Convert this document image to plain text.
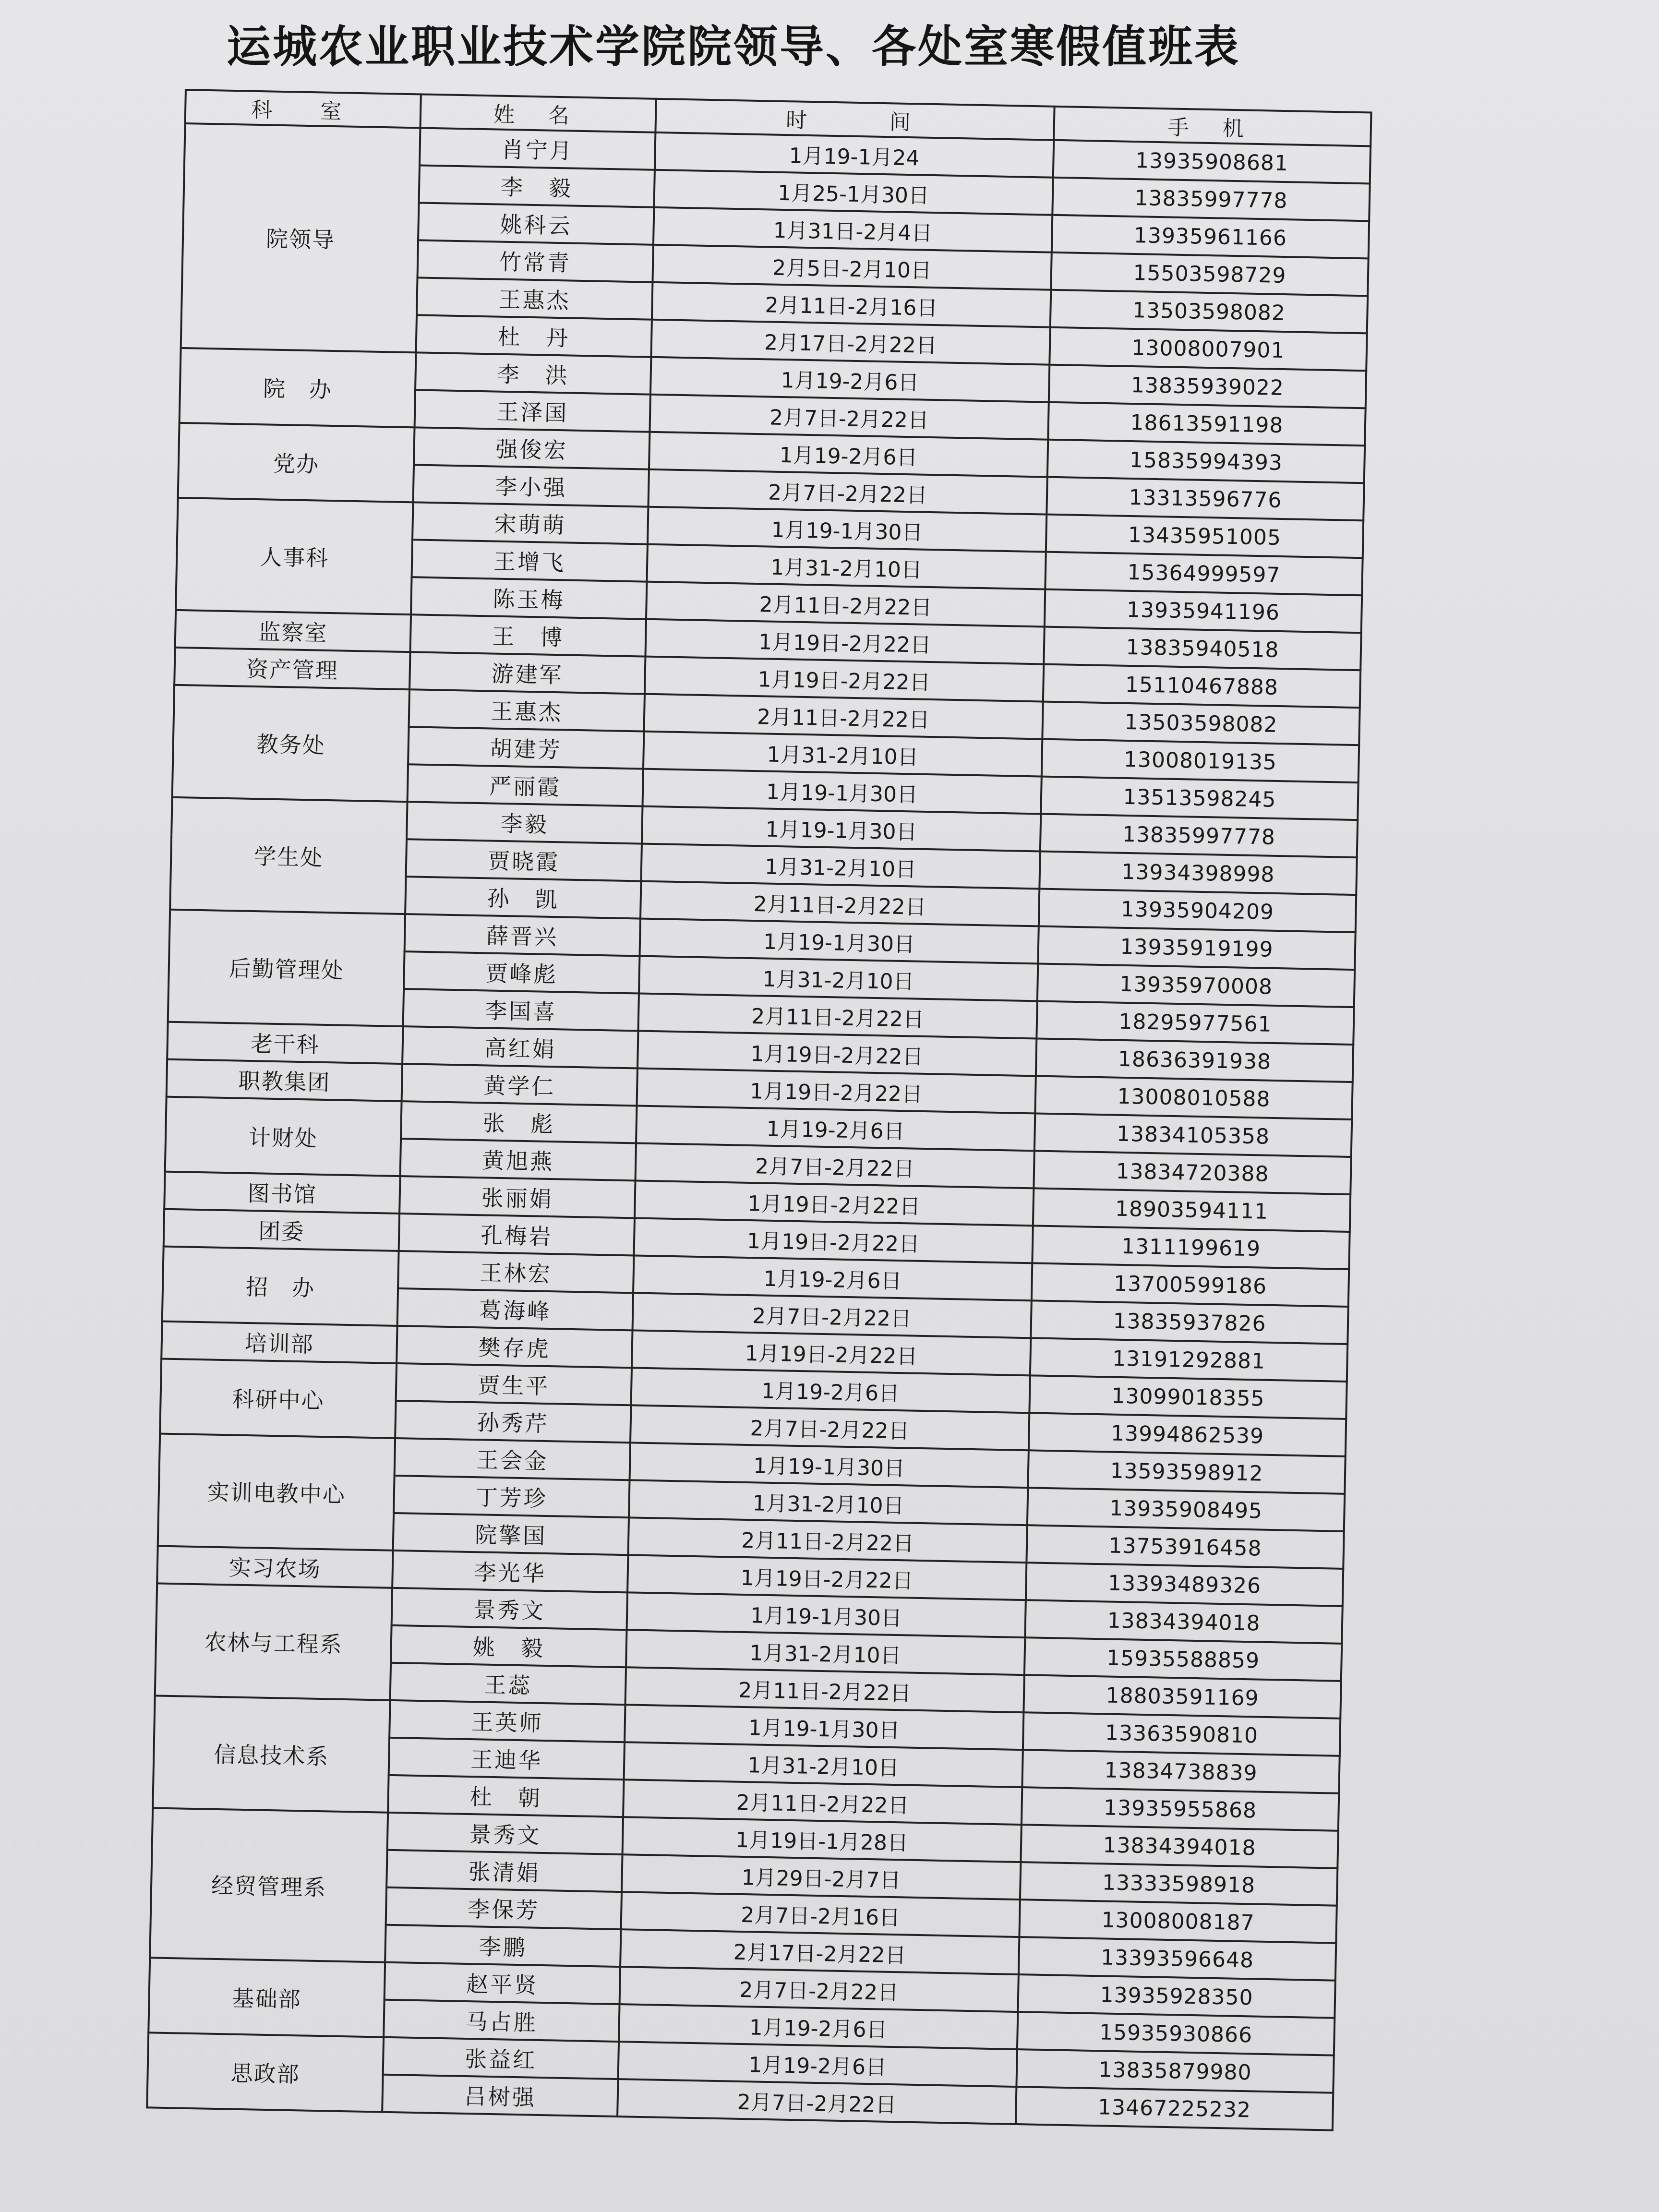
运城农业职业技术学院院领导、各处室寒假值班表
科　室	姓 名	时　　间	手 机
院领导	肖宁月	1月19-1月24	13935908681
	李　毅	1月25-1月30日	13835997778
	姚科云	1月31日-2月4日	13935961166
	竹常青	2月5日-2月10日	15503598729
	王惠杰	2月11日-2月16日	13503598082
	杜　丹	2月17日-2月22日	13008007901
院　办	李　洪	1月19-2月6日	13835939022
	王泽国	2月7日-2月22日	18613591198
党办	强俊宏	1月19-2月6日	15835994393
	李小强	2月7日-2月22日	13313596776
人事科	宋萌萌	1月19-1月30日	13435951005
	王增飞	1月31-2月10日	15364999597
	陈玉梅	2月11日-2月22日	13935941196
监察室	王　博	1月19日-2月22日	13835940518
资产管理	游建军	1月19日-2月22日	15110467888
教务处	王惠杰	2月11日-2月22日	13503598082
	胡建芳	1月31-2月10日	13008019135
	严丽霞	1月19-1月30日	13513598245
学生处	李毅	1月19-1月30日	13835997778
	贾晓霞	1月31-2月10日	13934398998
	孙　凯	2月11日-2月22日	13935904209
后勤管理处	薛晋兴	1月19-1月30日	13935919199
	贾峰彪	1月31-2月10日	13935970008
	李国喜	2月11日-2月22日	18295977561
老干科	高红娟	1月19日-2月22日	18636391938
职教集团	黄学仁	1月19日-2月22日	13008010588
计财处	张　彪	1月19-2月6日	13834105358
	黄旭燕	2月7日-2月22日	13834720388
图书馆	张丽娟	1月19日-2月22日	18903594111
团委	孔梅岩	1月19日-2月22日	1311199619
招　办	王林宏	1月19-2月6日	13700599186
	葛海峰	2月7日-2月22日	13835937826
培训部	樊存虎	1月19日-2月22日	13191292881
科研中心	贾生平	1月19-2月6日	13099018355
	孙秀芹	2月7日-2月22日	13994862539
实训电教中心	王会金	1月19-1月30日	13593598912
	丁芳珍	1月31-2月10日	13935908495
	院擎国	2月11日-2月22日	13753916458
实习农场	李光华	1月19日-2月22日	13393489326
农林与工程系	景秀文	1月19-1月30日	13834394018
	姚　毅	1月31-2月10日	15935588859
	王蕊	2月11日-2月22日	18803591169
信息技术系	王英师	1月19-1月30日	13363590810
	王迪华	1月31-2月10日	13834738839
	杜　朝	2月11日-2月22日	13935955868
经贸管理系	景秀文	1月19日-1月28日	13834394018
	张清娟	1月29日-2月7日	13333598918
	李保芳	2月7日-2月16日	13008008187
	李鹏	2月17日-2月22日	13393596648
基础部	赵平贤	2月7日-2月22日	13935928350
	马占胜	1月19-2月6日	15935930866
思政部	张益红	1月19-2月6日	13835879980
	吕树强	2月7日-2月22日	13467225232
